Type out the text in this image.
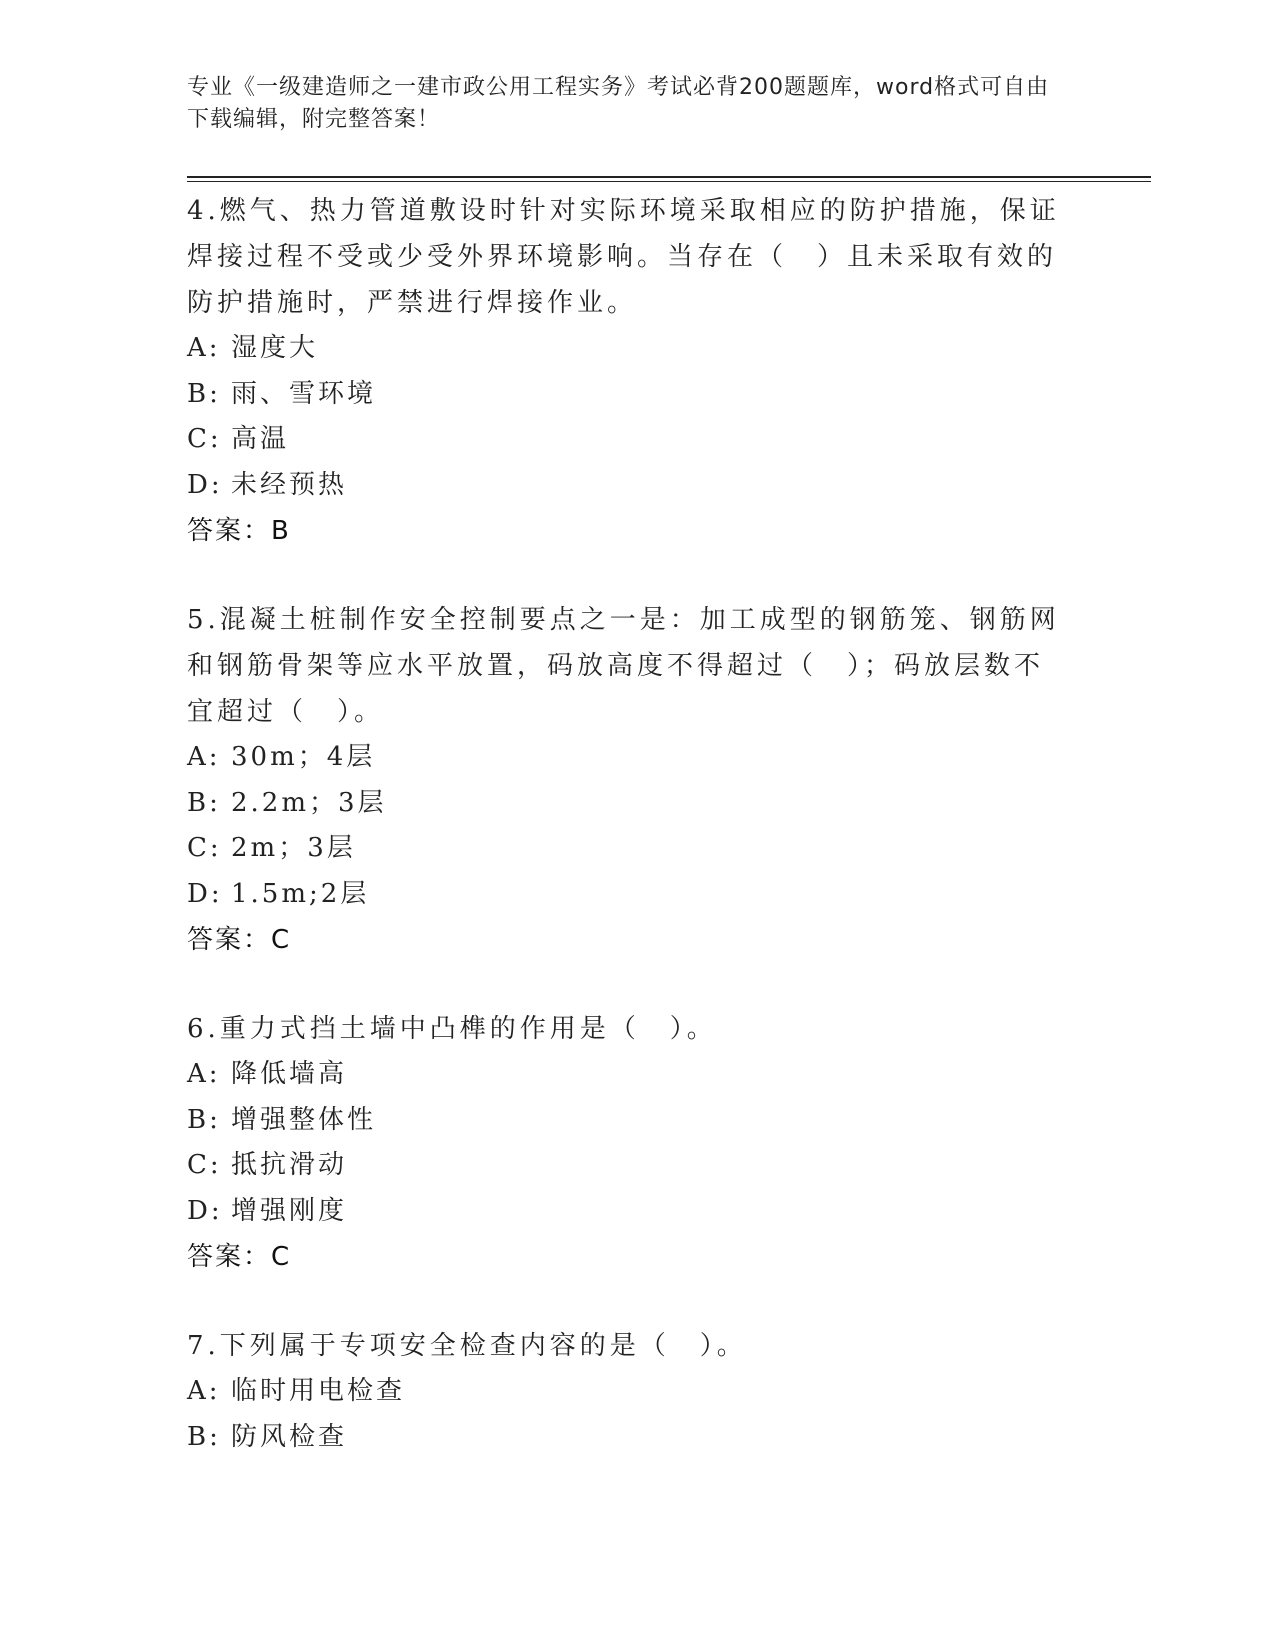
专业《一级建造师之一建市政公用工程实务》考试必背200题题库，word格式可自由下载编辑，附完整答案！
4.燃气、热力管道敷设时针对实际环境采取相应的防护措施，保证焊接过程不受或少受外界环境影响。当存在（　）且未采取有效的防护措施时，严禁进行焊接作业。
A: 湿度大
B: 雨、雪环境
C: 高温
D: 未经预热
答案：B
5.混凝土桩制作安全控制要点之一是：加工成型的钢筋笼、钢筋网和钢筋骨架等应水平放置，码放高度不得超过（　）；码放层数不宜超过（　）。
A: 30m；4层
B: 2.2m；3层
C: 2m；3层
D: 1.5m;2层
答案：C
6.重力式挡土墙中凸榫的作用是（　）。
A: 降低墙高
B: 增强整体性
C: 抵抗滑动
D: 增强刚度
答案：C
7.下列属于专项安全检查内容的是（　）。
A: 临时用电检查
B: 防风检查
